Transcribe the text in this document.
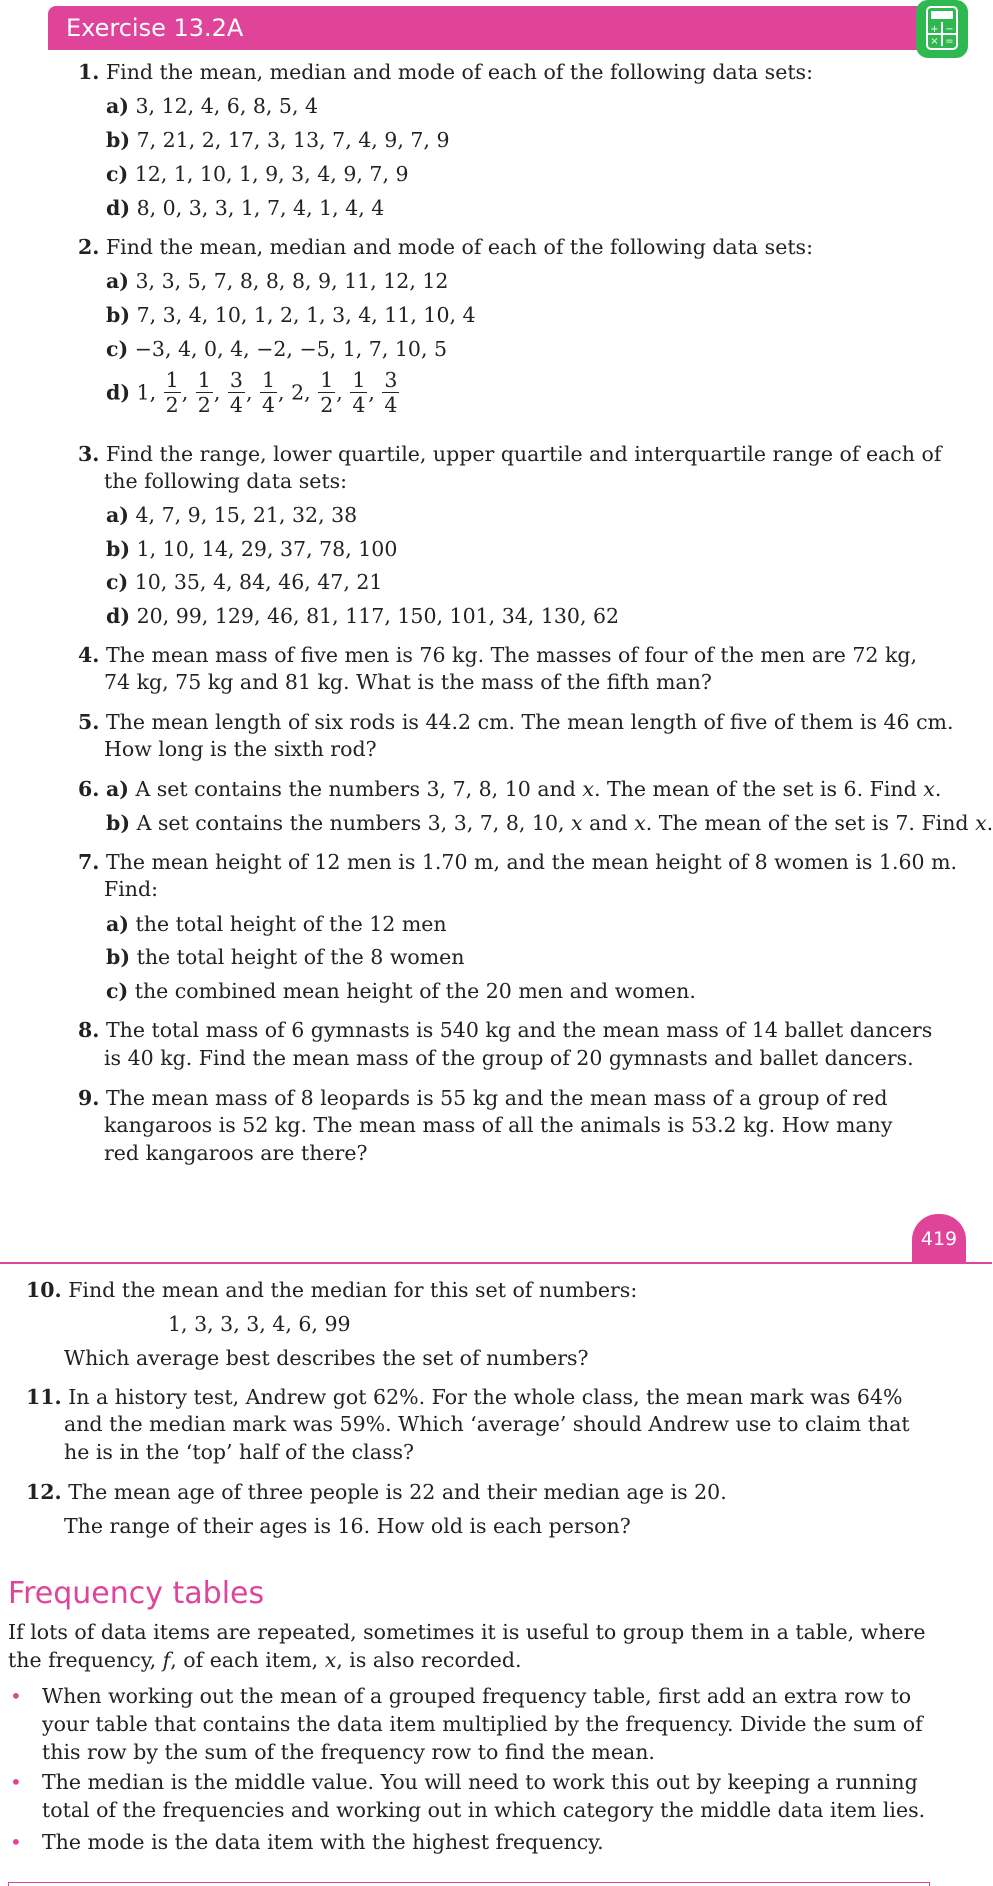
Exercise 13.2A	+ −
× =
1. Find the mean, median and mode of each of the following data sets:
a) 3, 12, 4, 6, 8, 5, 4
b) 7, 21, 2, 17, 3, 13, 7, 4, 9, 7, 9
c) 12, 1, 10, 1, 9, 3, 4, 9, 7, 9
d) 8, 0, 3, 3, 1, 7, 4, 1, 4, 4
2. Find the mean, median and mode of each of the following data sets:
a) 3, 3, 5, 7, 8, 8, 8, 9, 11, 12, 12
b) 7, 3, 4, 10, 1, 2, 1, 3, 4, 11, 10, 4
c) −3, 4, 0, 4, −2, −5, 1, 7, 10, 5
d) 1, $\frac{1}{2}$ , $\frac{1}{2}$ , $\frac{3}{4}$ , $\frac{1}{4}$ , 2, $\frac{1}{2}$ , $\frac{1}{4}$ , $\frac{3}{4}$
3. Find the range, lower quartile, upper quartile and interquartile range of each of
the following data sets:
a) 4, 7, 9, 15, 21, 32, 38
b) 1, 10, 14, 29, 37, 78, 100
c) 10, 35, 4, 84, 46, 47, 21
d) 20, 99, 129, 46, 81, 117, 150, 101, 34, 130, 62
4. The mean mass of five men is 76 kg. The masses of four of the men are 72 kg,
74 kg, 75 kg and 81 kg. What is the mass of the fifth man?
5. The mean length of six rods is 44.2 cm. The mean length of five of them is 46 cm.
How long is the sixth rod?
6. a) A set contains the numbers 3, 7, 8, 10 and x. The mean of the set is 6. Find x.
b) A set contains the numbers 3, 3, 7, 8, 10, x and x. The mean of the set is 7. Find x.
7. The mean height of 12 men is 1.70 m, and the mean height of 8 women is 1.60 m.
Find:
a) the total height of the 12 men
b) the total height of the 8 women
c) the combined mean height of the 20 men and women.
8. The total mass of 6 gymnasts is 540 kg and the mean mass of 14 ballet dancers
is 40 kg. Find the mean mass of the group of 20 gymnasts and ballet dancers.
9. The mean mass of 8 leopards is 55 kg and the mean mass of a group of red
kangaroos is 52 kg. The mean mass of all the animals is 53.2 kg. How many
red kangaroos are there?
419
10. Find the mean and the median for this set of numbers:
1, 3, 3, 3, 4, 6, 99
Which average best describes the set of numbers?
11. In a history test, Andrew got 62%. For the whole class, the mean mark was 64%
and the median mark was 59%. Which ‘average’ should Andrew use to claim that
he is in the ‘top’ half of the class?
12. The mean age of three people is 22 and their median age is 20.
The range of their ages is 16. How old is each person?
Frequency tables
If lots of data items are repeated, sometimes it is useful to group them in a table, where
the frequency, f, of each item, x, is also recorded.
• When working out the mean of a grouped frequency table, first add an extra row to
your table that contains the data item multiplied by the frequency. Divide the sum of
this row by the sum of the frequency row to find the mean.
• The median is the middle value. You will need to work this out by keeping a running
total of the frequencies and working out in which category the middle data item lies.
• The mode is the data item with the highest frequency.
